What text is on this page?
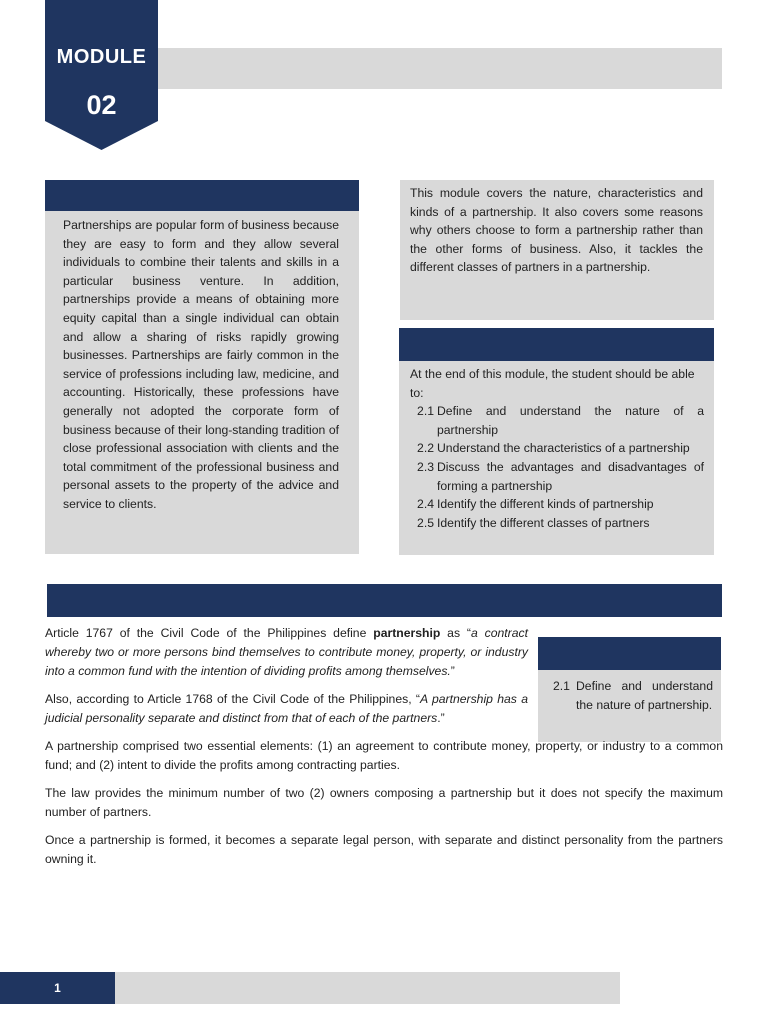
MODULE
02

Partnerships are popular form of business because they are easy to form and they allow several individuals to combine their talents and skills in a particular business venture. In addition, partnerships provide a means of obtaining more equity capital than a single individual can obtain and allow a sharing of risks rapidly growing businesses. Partnerships are fairly common in the service of professions including law, medicine, and accounting. Historically, these professions have generally not adopted the corporate form of business because of their long-standing tradition of close professional association with clients and the total commitment of the professional business and personal assets to the property of the advice and service to clients.

This module covers the nature, characteristics and kinds of a partnership. It also covers some reasons why others choose to form a partnership rather than the other forms of business. Also, it tackles the different classes of partners in a partnership.

At the end of this module, the student should be able to:

2.1 Define and understand the nature of a partnership
2.2 Understand the characteristics of a partnership
2.3 Discuss the advantages and disadvantages of forming a partnership
2.4 Identify the different kinds of partnership
2.5 Identify the different classes of partners
2.1 Define and understand the nature of partnership.

Article 1767 of the Civil Code of the Philippines define partnership as “a contract whereby two or more persons bind themselves to contribute money, property, or industry into a common fund with the intention of dividing profits among themselves.”

Also, according to Article 1768 of the Civil Code of the Philippines, “A partnership has a judicial personality separate and distinct from that of each of the partners.”

A partnership comprised two essential elements: (1) an agreement to contribute money, property, or industry to a common fund; and (2) intent to divide the profits among contracting parties.

The law provides the minimum number of two (2) owners composing a partnership but it does not specify the maximum number of partners.

Once a partnership is formed, it becomes a separate legal person, with separate and distinct personality from the partners owning it.

1
